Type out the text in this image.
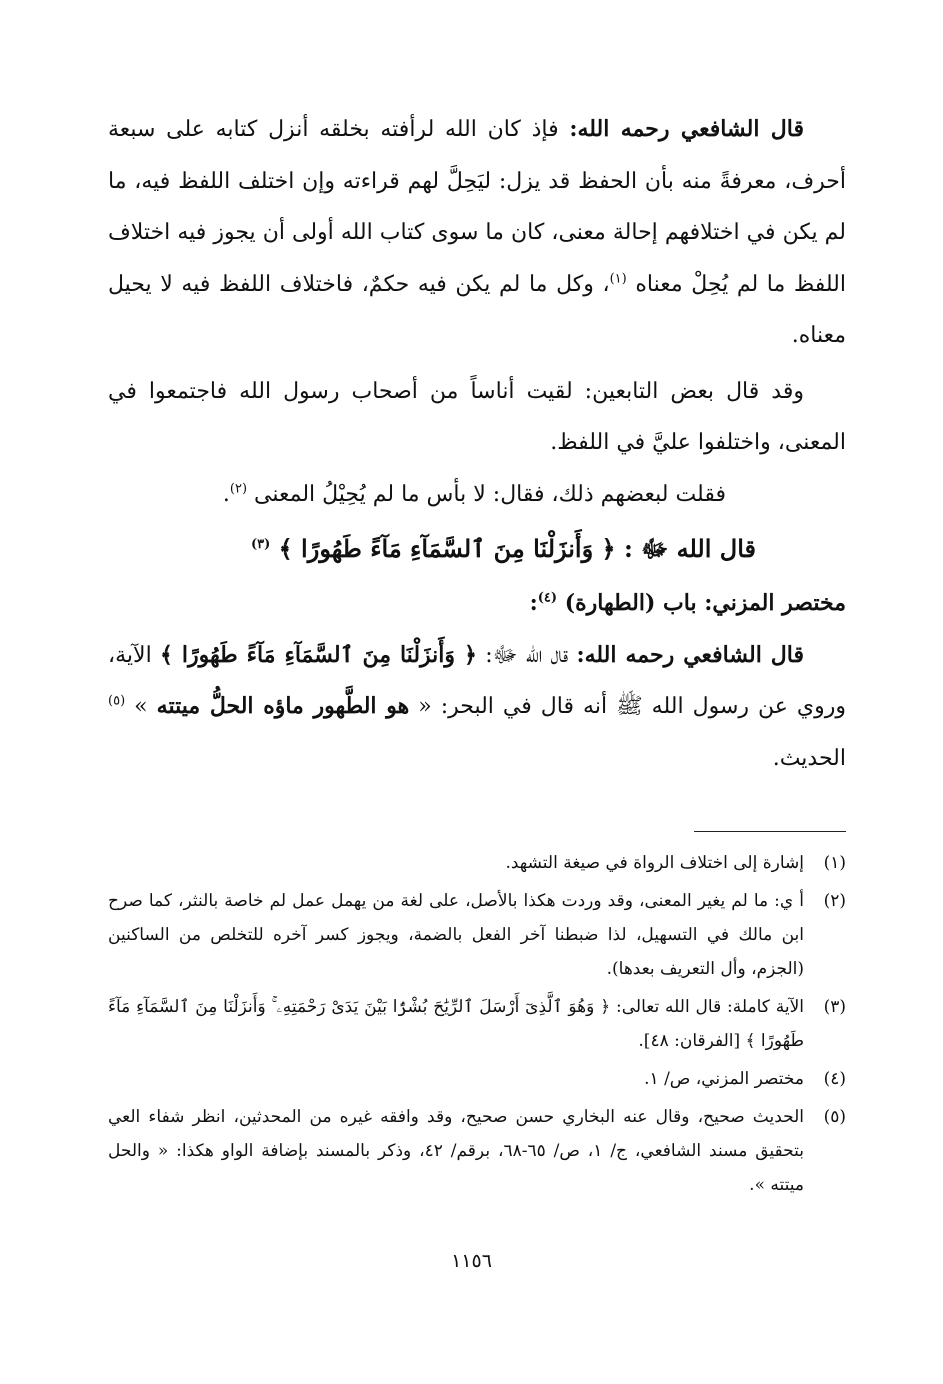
قال الشافعي رحمه الله: فإذ كان الله لرأفته بخلقه أنزل كتابه على سبعة أحرف، معرفةً منه بأن الحفظ قد يزل: ليَحِلَّ لهم قراءته وإن اختلف اللفظ فيه، ما لم يكن في اختلافهم إحالة معنى، كان ما سوى كتاب الله أولى أن يجوز فيه اختلاف اللفظ ما لم يُحِلْ معناه $^{(١)}$، وكل ما لم يكن فيه حكمٌ، فاختلاف اللفظ فيه لا يحيل معناه.

وقد قال بعض التابعين: لقيت أناساً من أصحاب رسول الله فاجتمعوا في المعنى، واختلفوا عليَّ في اللفظ.

فقلت لبعضهم ذلك، فقال: لا بأس ما لم يُحِيْلُ المعنى $^{(٢)}$.

قال الله ﷻ : ﴿ وَأَنزَلْنَا مِنَ ٱلسَّمَآءِ مَآءً طَهُورًا ﴾ $^{(٣)}$

مختصر المزني: باب (الطهارة) $^{(٤)}$:

قال الشافعي رحمه الله: قال الله ﷻ: ﴿ وَأَنزَلْنَا مِنَ ٱلسَّمَآءِ مَآءً طَهُورًا ﴾ الآية، وروي عن رسول الله ﷺ أنه قال في البحر: « هو الطَّهور ماؤه الحلُّ ميتته » $^{(٥)}$ الحديث.

(١)
إشارة إلى اختلاف الرواة في صيغة التشهد.
(٢)
أ ي: ما لم يغير المعنى، وقد وردت هكذا بالأصل، على لغة من يهمل عمل لم خاصة بالنثر، كما صرح ابن مالك في التسهيل، لذا ضبطنا آخر الفعل بالضمة، ويجوز كسر آخره للتخلص من الساكنين (الجزم، وأل التعريف بعدها).
(٣)
الآية كاملة: قال الله تعالى: ﴿ وَهُوَ ٱلَّذِىٓ أَرْسَلَ ٱلرِّيَٰحَ بُشْرًۢا بَيْنَ يَدَىْ رَحْمَتِهِۦ ۚ وَأَنزَلْنَا مِنَ ٱلسَّمَآءِ مَآءً طَهُورًا ﴾ [الفرقان: ٤٨].
(٤)
مختصر المزني، ص/ ١.
(٥)
الحديث صحيح، وقال عنه البخاري حسن صحيح، وقد وافقه غيره من المحدثين، انظر شفاء العي بتحقيق مسند الشافعي، ج/ ١، ص/ ٦٥-٦٨، برقم/ ٤٢، وذكر بالمسند بإضافة الواو هكذا: « والحل ميتته ».
١١٥٦
